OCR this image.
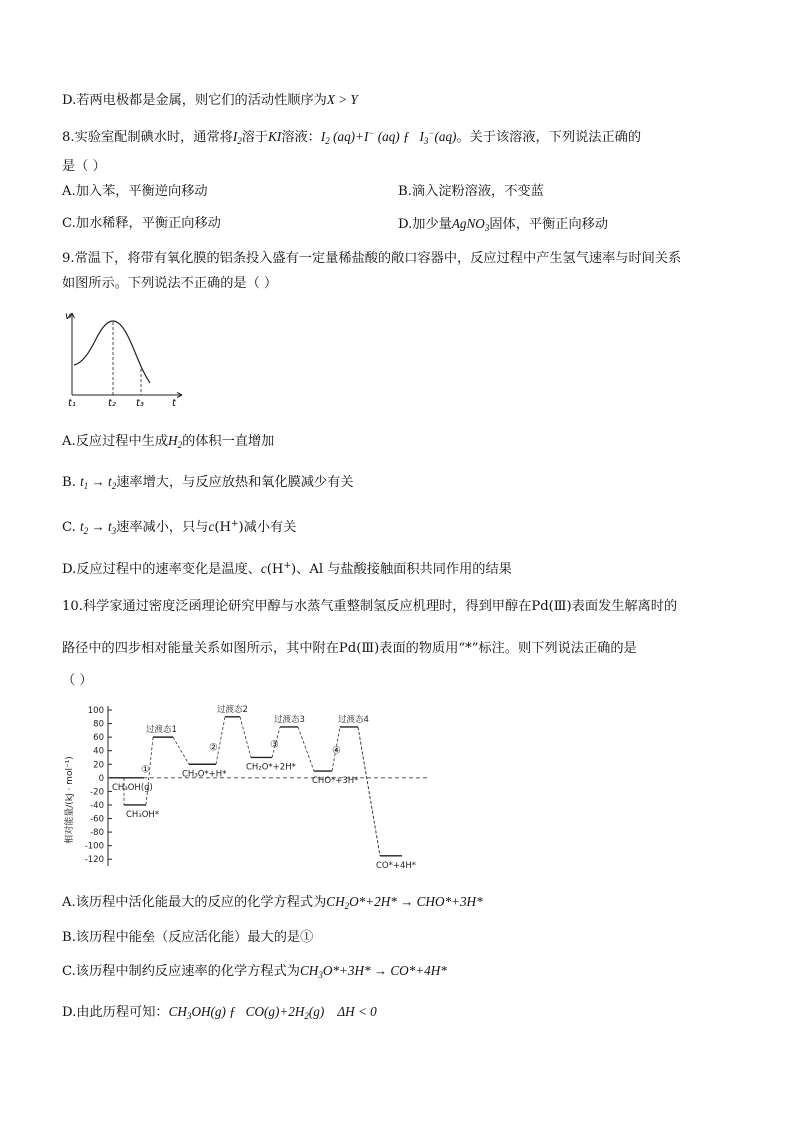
D.若两电极都是金属，则它们的活动性顺序为X > Y
8.实验室配制碘水时，通常将$I_2$溶于KI溶液：$I_2$ (aq)+I− (aq) ƒ   $I_3^-(aq)$。关于该溶液，下列说法正确的
是（ ）
A.加入苯，平衡逆向移动	B.滴入淀粉溶液，不变蓝
C.加水稀释，平衡正向移动	D.加少量AgNO$_3$固体，平衡正向移动
9.常温下，将带有氧化膜的铝条投入盛有一定量稀盐酸的敞口容器中，反应过程中产生氢气速率与时间关系
如图所示。下列说法不正确的是（ ）
v
t
t₁	t₂ t₃
A.反应过程中生成$H_2$的体积一直增加
B. $t_1 \to t_2$速率增大，与反应放热和氧化膜减少有关
C. $t_2 \to t_3$速率减小，只与c(H+)减小有关
D.反应过程中的速率变化是温度、c(H+)、Al 与盐酸接触面积共同作用的结果
10.科学家通过密度泛函理论研究甲醇与水蒸气重整制氢反应机理时，得到甲醇在Pd(Ⅲ)表面发生解离时的
路径中的四步相对能量关系如图所示，其中附在Pd(Ⅲ)表面的物质用“*”标注。则下列说法正确的是
（ ）
100
80
60
40
20
0
-20
-40
-60
-80
-100
-120
相对能量/(kJ · mol⁻¹)	CH₃OH(g)
CH₃OH*
过渡态1
CH₃O*+H*
过渡态2
CH₂O*+2H*
过渡态3
CHO*+3H*
过渡态4
CO*+4H*
①
②	③
④
A.该历程中活化能最大的反应的化学方程式为$CH_2O*+2H* \to CHO*+3H*$
B.该历程中能垒（反应活化能）最大的是①
C.该历程中制约反应速率的化学方程式为$CH_3O*+3H* \to CO*+4H*$
D.由此历程可知：$CH_3OH(g)$ ƒ   $CO(g)+2H_2(g)$    ΔH < 0
